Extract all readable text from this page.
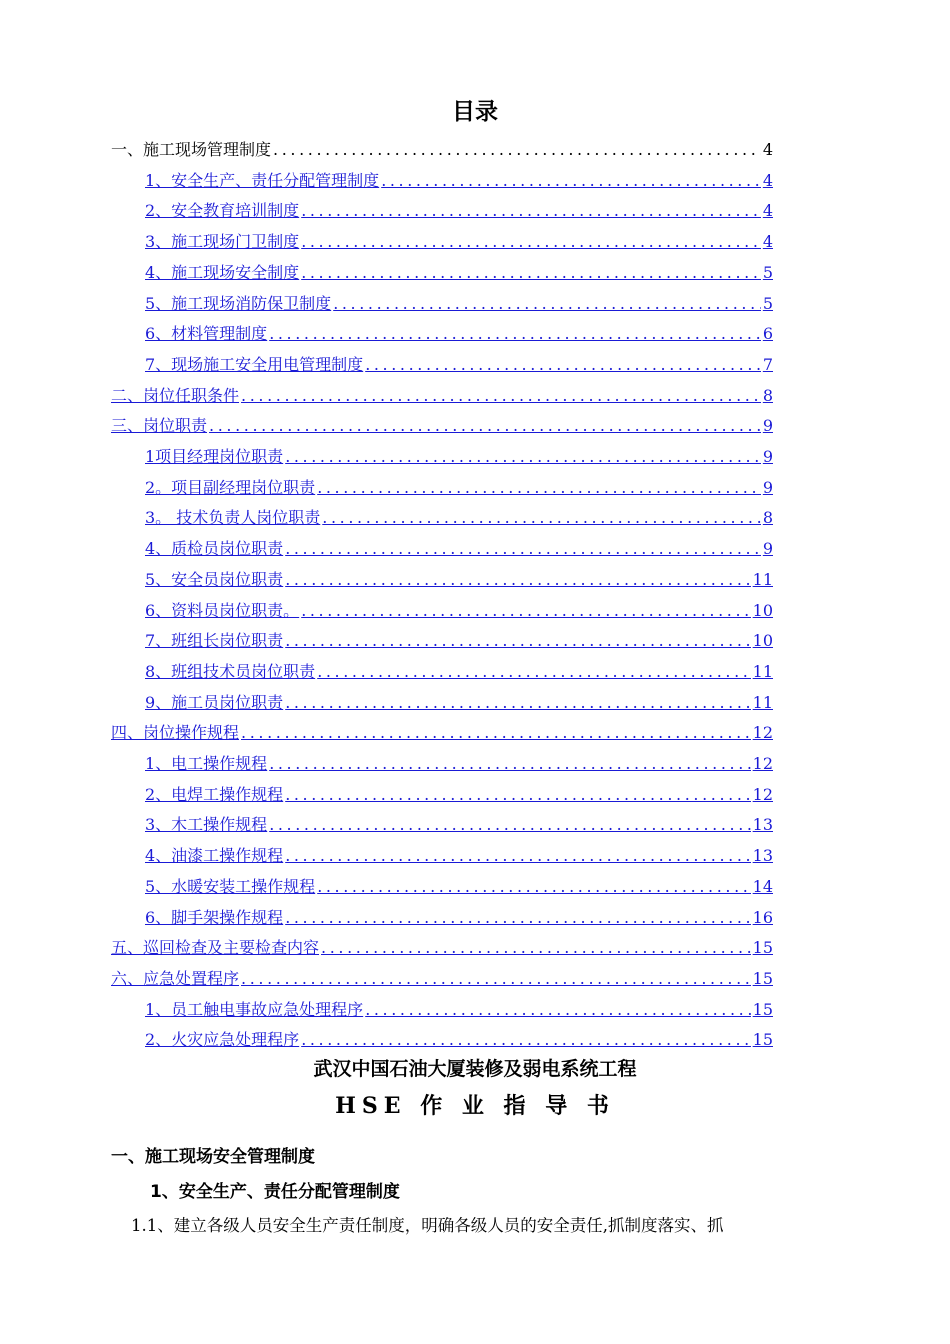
目录
一、施工现场管理制度 .....	4
1、安全生产、责任分配管理制度 .....	4
2、安全教育培训制度 .....	4
3、施工现场门卫制度 .....	4
4、施工现场安全制度 .....	5
5、施工现场消防保卫制度 .....	5
6、材料管理制度 .....	6
7、现场施工安全用电管理制度 .....	7
二、岗位任职条件 .....	8
三、岗位职责 .....	9
1项目经理岗位职责 .....	9
2。项目副经理岗位职责 .....	9
3。 技术负责人岗位职责 .....	8
4、质检员岗位职责 .....	9
5、安全员岗位职责 .....	11
6、资料员岗位职责。 .....	10
7、班组长岗位职责 .....	10
8、班组技术员岗位职责 .....	11
9、施工员岗位职责 .....	11
四、岗位操作规程 .....	12
1、电工操作规程 .....	12
2、电焊工操作规程 .....	12
3、木工操作规程 .....	13
4、油漆工操作规程 .....	13
5、水暖安装工操作规程 .....	14
6、脚手架操作规程 .....	16
五、巡回检查及主要检查内容 .....	15
六、应急处置程序 .....	15
1、员工触电事故应急处理程序 .....	15
2、火灾应急处理程序 .....	15
武汉中国石油大厦装修及弱电系统工程
HSE 作 业 指 导 书
一、施工现场安全管理制度
1、安全生产、责任分配管理制度
1.1、建立各级人员安全生产责任制度，明确各级人员的安全责任,抓制度落实、抓
